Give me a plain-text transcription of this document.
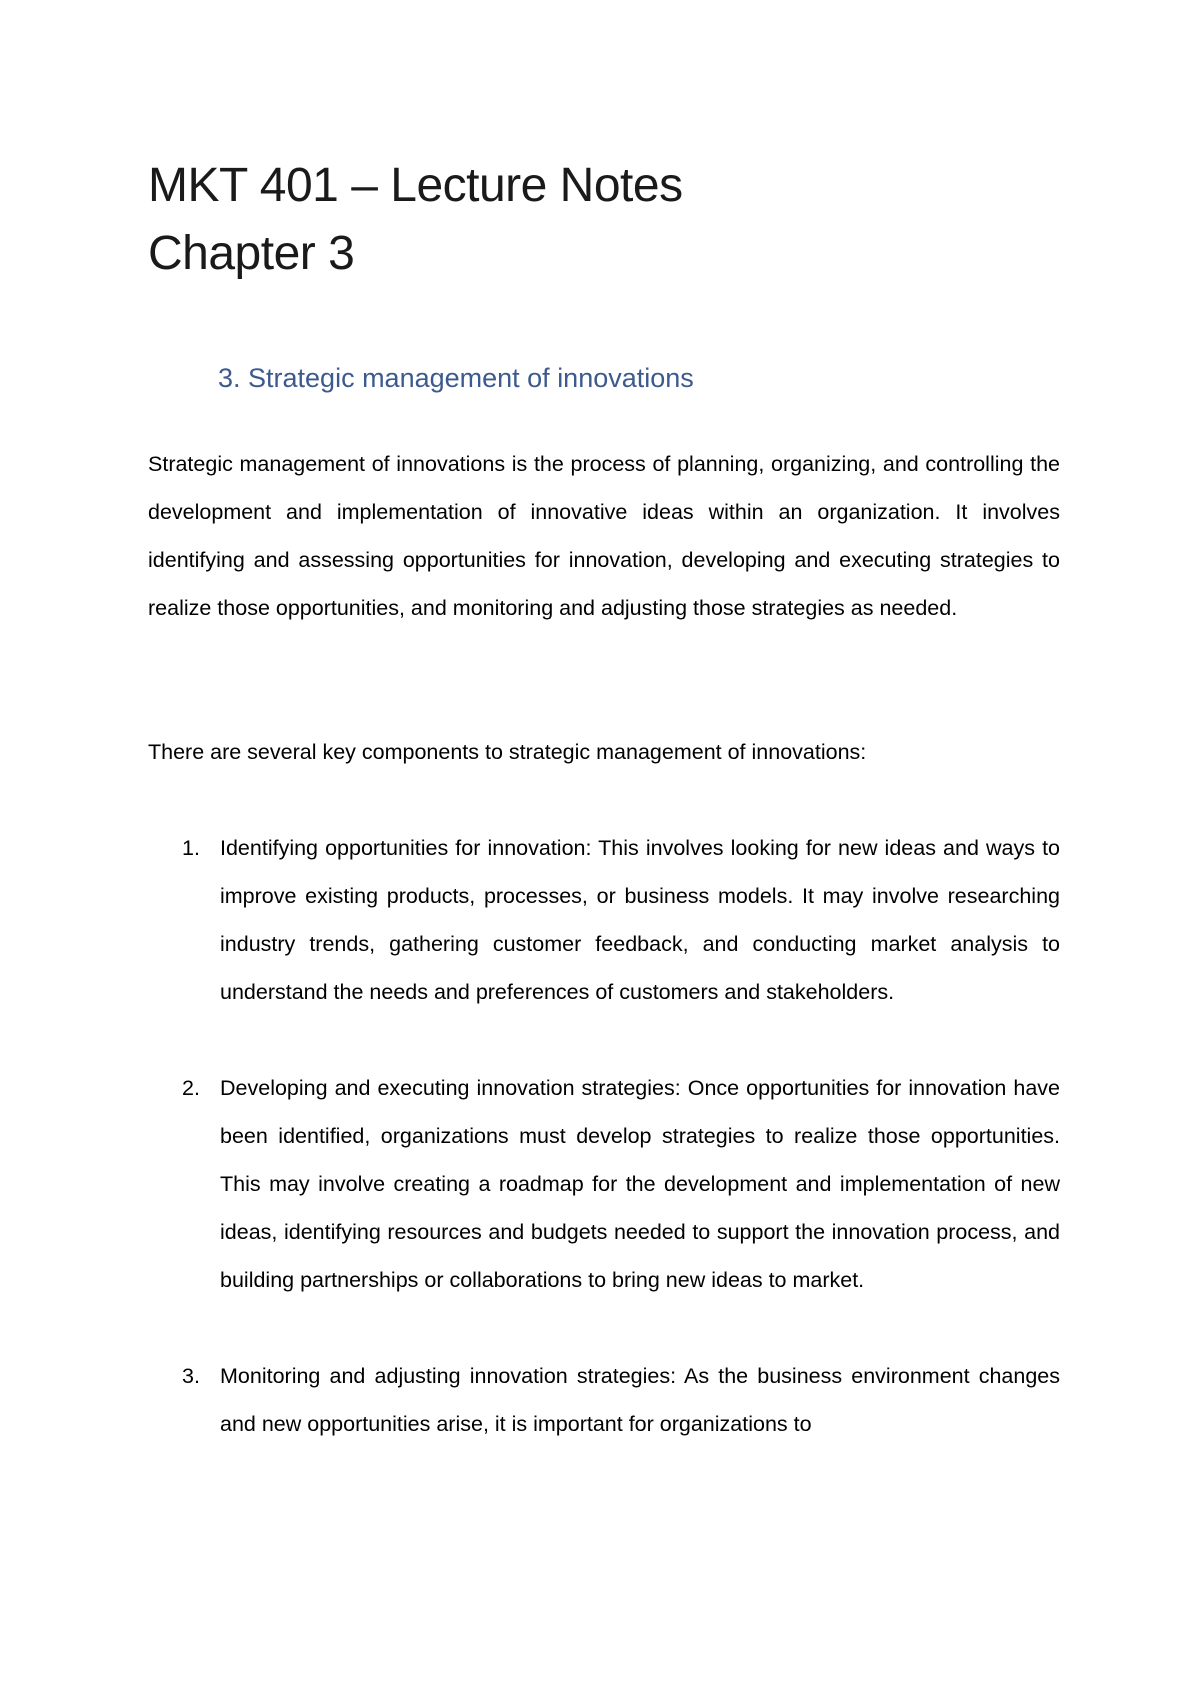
MKT 401 – Lecture Notes
Chapter 3
3. Strategic management of innovations

Strategic management of innovations is the process of planning, organizing, and controlling the development and implementation of innovative ideas within an organization. It involves identifying and assessing opportunities for innovation, developing and executing strategies to realize those opportunities, and monitoring and adjusting those strategies as needed.

There are several key components to strategic management of innovations:

1. Identifying opportunities for innovation: This involves looking for new ideas and ways to improve existing products, processes, or business models. It may involve researching industry trends, gathering customer feedback, and conducting market analysis to understand the needs and preferences of customers and stakeholders.
2. Developing and executing innovation strategies: Once opportunities for innovation have been identified, organizations must develop strategies to realize those opportunities. This may involve creating a roadmap for the development and implementation of new ideas, identifying resources and budgets needed to support the innovation process, and building partnerships or collaborations to bring new ideas to market.
3. Monitoring and adjusting innovation strategies: As the business environment changes and new opportunities arise, it is important for organizations to
